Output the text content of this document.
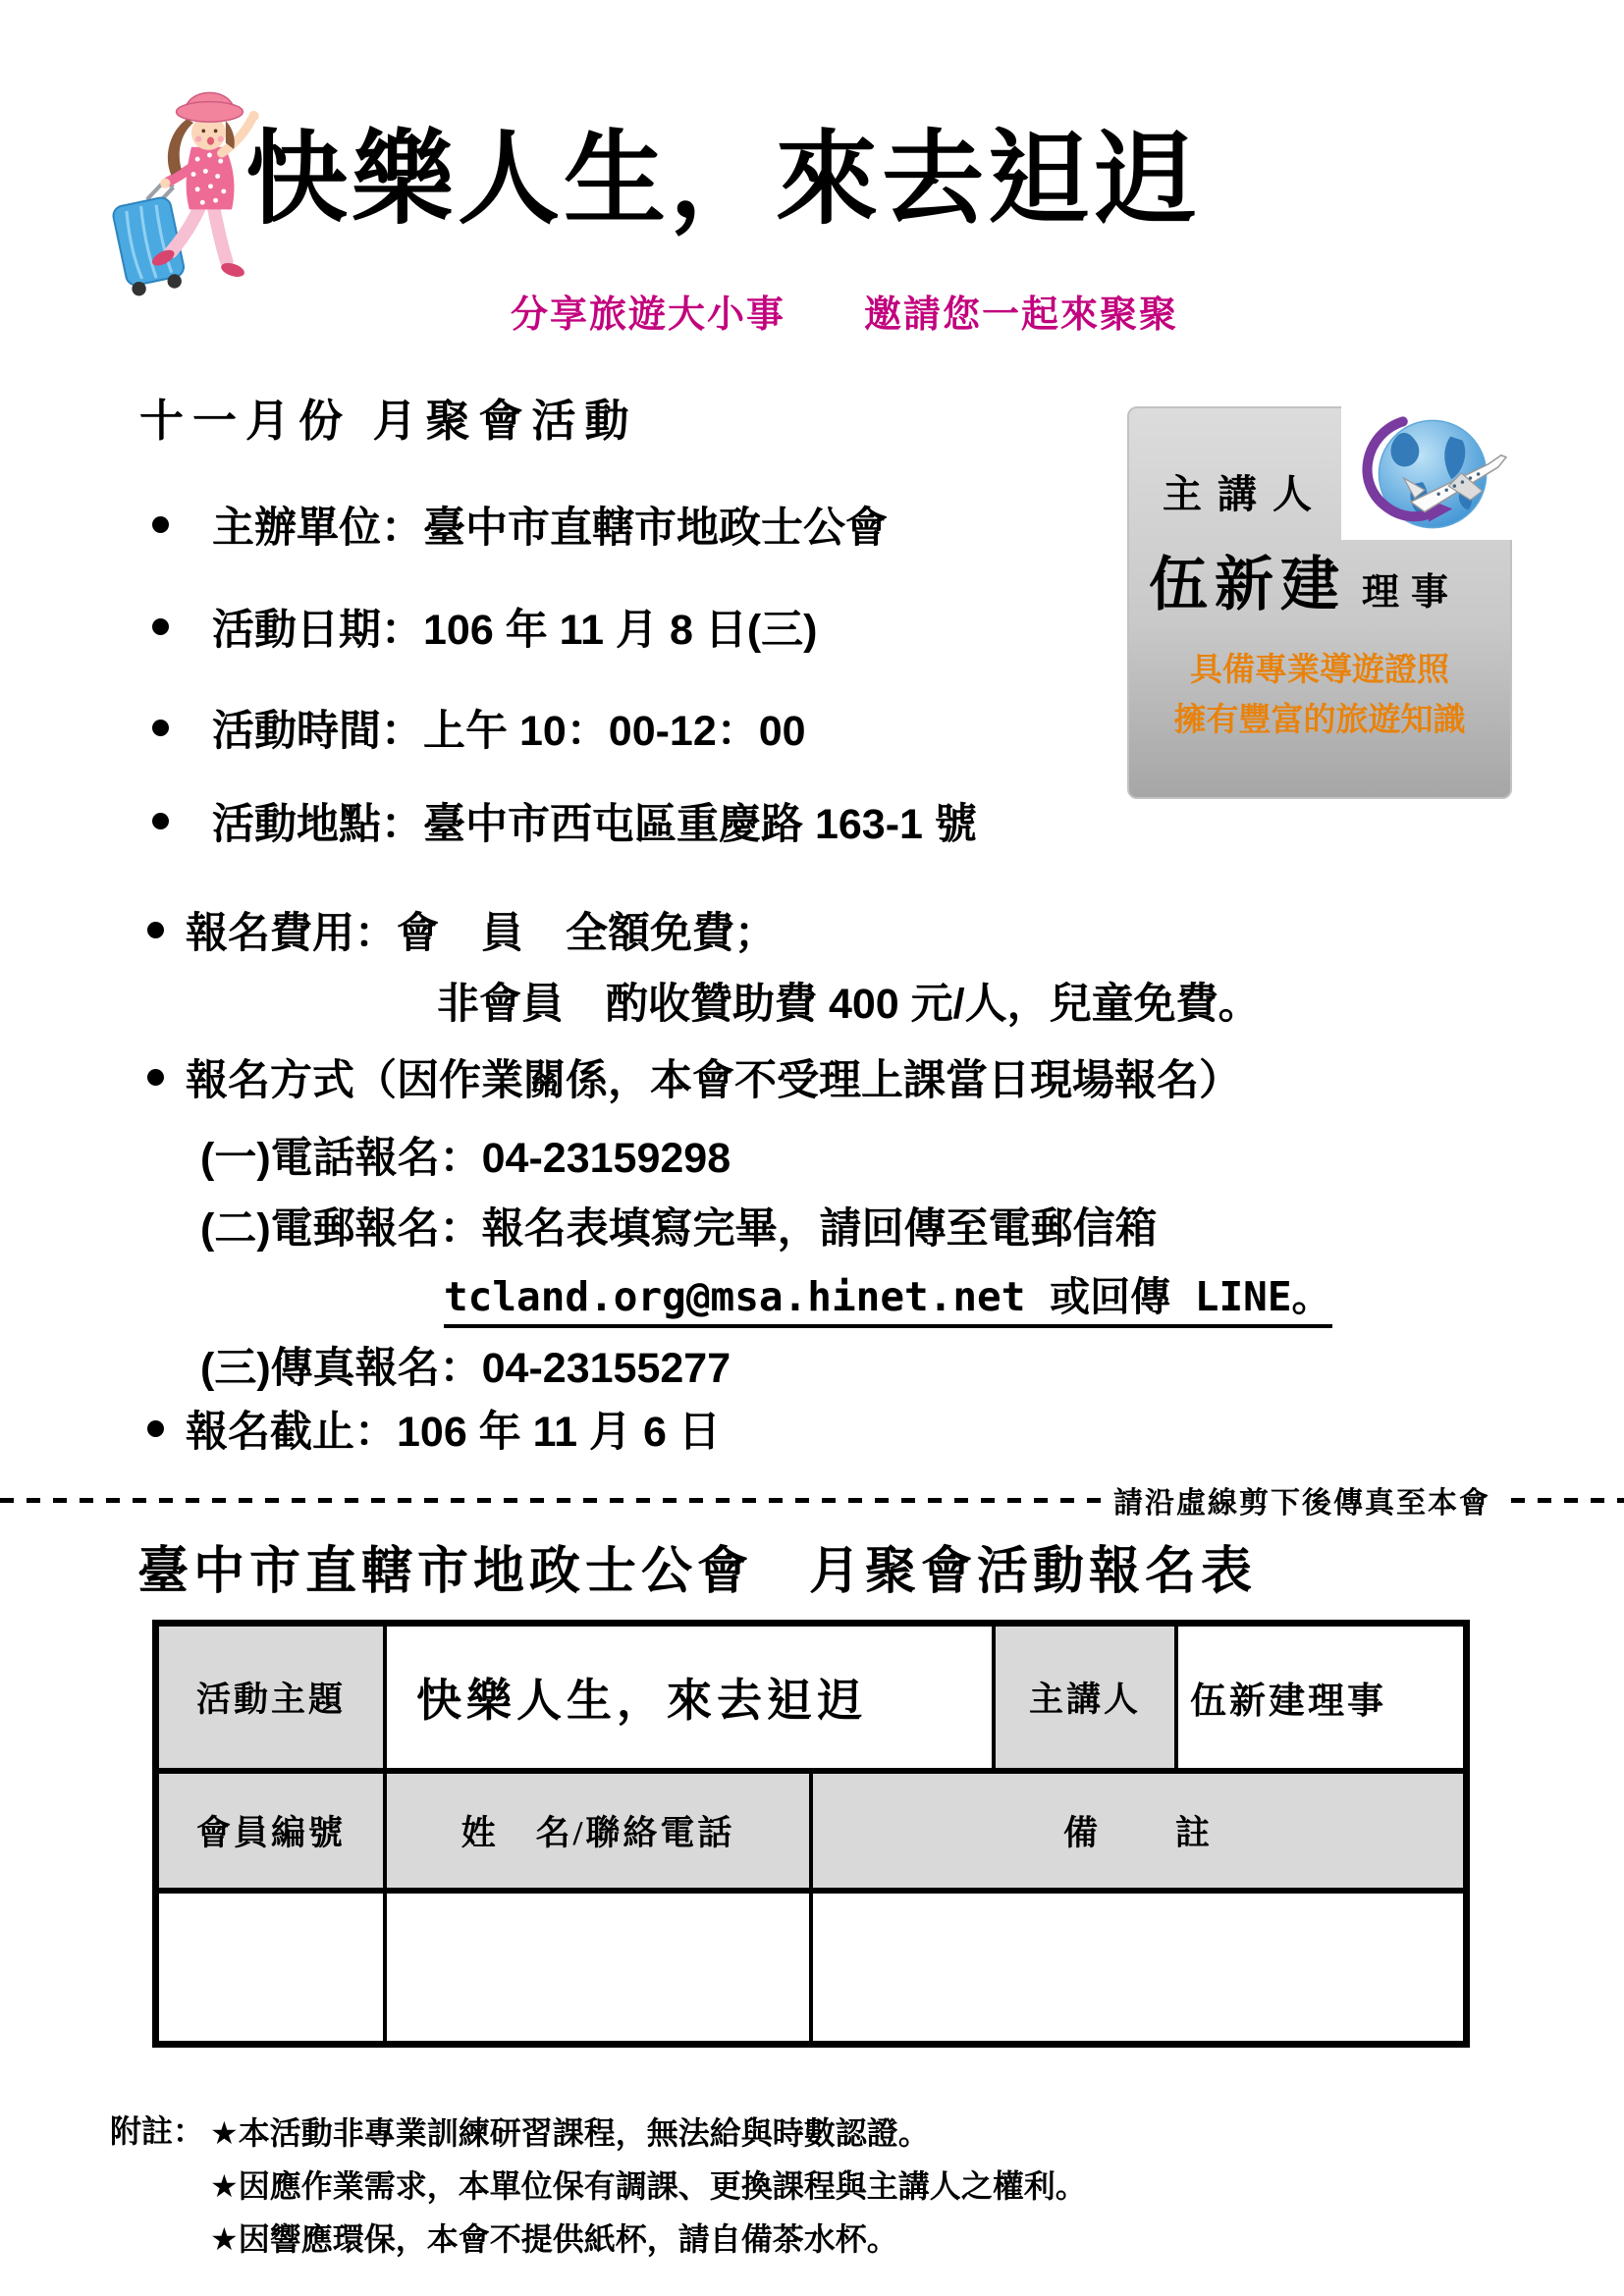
快樂人生，來去𨑨迌
分享旅遊大小事　　邀請您一起來聚聚
十一月份 月聚會活動
主講人
伍新建 理事
具備專業導遊證照
擁有豐富的旅遊知識
主辦單位：臺中市直轄市地政士公會
活動日期：106 年 11 月 8 日(三)
活動時間：上午 10：00-12：00
活動地點：臺中市西屯區重慶路 163-1 號
報名費用：會　員　全額免費；
非會員　酌收贊助費 400 元/人，兒童免費。
報名方式（因作業關係，本會不受理上課當日現場報名）
(一)電話報名：04-23159298
(二)電郵報名：報名表填寫完畢，請回傳至電郵信箱
tcland.org@msa.hinet.net 或回傳 LINE。
(三)傳真報名：04-23155277
報名截止：106 年 11 月 6 日
請沿虛線剪下後傳真至本會
臺中市直轄市地政士公會　月聚會活動報名表
活動主題	快樂人生，來去𨑨迌	主講人	伍新建理事
會員編號	姓　名/聯絡電話	備　　註
附註： ★本活動非專業訓練研習課程，無法給與時數認證。
★因應作業需求，本單位保有調課、更換課程與主講人之權利。
★因響應環保，本會不提供紙杯，請自備茶水杯。
